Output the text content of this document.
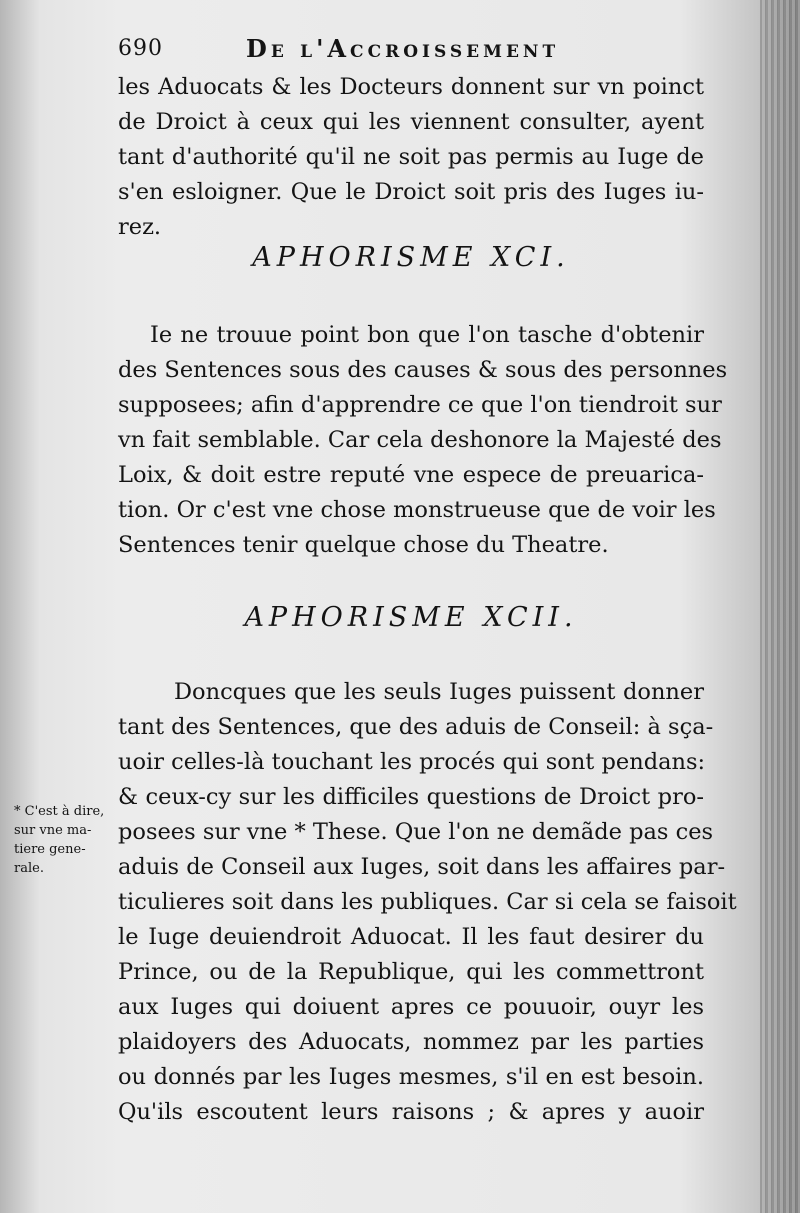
690	De l'Accroissement
les Aduocats & les Docteurs donnent sur vn poinct
de Droict à ceux qui les viennent consulter, ayent
tant d'authorité qu'il ne soit pas permis au Iuge de
s'en esloigner. Que le Droict soit pris des Iuges iu-
rez.
APHORISME XCI.
Ie ne trouue point bon que l'on tasche d'obtenir
des Sentences sous des causes & sous des personnes
supposees; afin d'apprendre ce que l'on tiendroit sur
vn fait semblable. Car cela deshonore la Majesté des
Loix, & doit estre reputé vne espece de preuarica-
tion. Or c'est vne chose monstrueuse que de voir les
Sentences tenir quelque chose du Theatre.
APHORISME XCII.
Doncques que les seuls Iuges puissent donner
tant des Sentences, que des aduis de Conseil: à sça-
uoir celles-là touchant les procés qui sont pendans:
& ceux-cy sur les difficiles questions de Droict pro-
posees sur vne * These. Que l'on ne demãde pas ces
aduis de Conseil aux Iuges, soit dans les affaires par-
ticulieres soit dans les publiques. Car si cela se faisoit
le Iuge deuiendroit Aduocat. Il les faut desirer du
Prince, ou de la Republique, qui les commettront
aux Iuges qui doiuent apres ce pouuoir, ouyr les
plaidoyers des Aduocats, nommez par les parties
ou donnés par les Iuges mesmes, s'il en est besoin.
Qu'ils escoutent leurs raisons ; & apres y auoir
* C'est à dire,
sur vne ma-
tiere gene-
rale.
